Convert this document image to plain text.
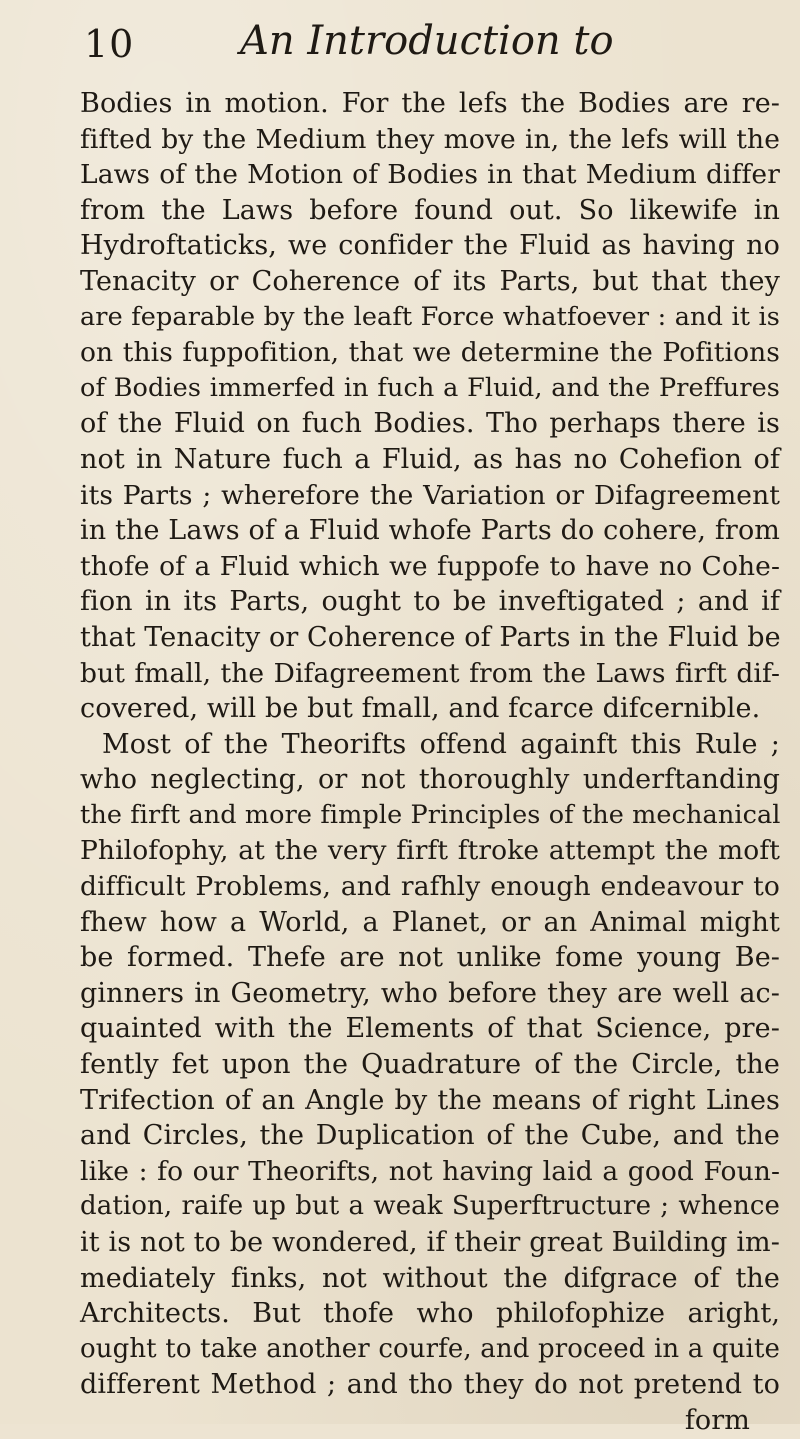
10	An Introduction to
Bodies in motion. For the lefs the Bodies are re-
fifted by the Medium they move in, the lefs will the
Laws of the Motion of Bodies in that Medium differ
from the Laws before found out. So likewife in
Hydroftaticks, we confider the Fluid as having no
Tenacity or Coherence of its Parts, but that they
are feparable by the leaft Force whatfoever : and it is
on this fuppofition, that we determine the Pofitions
of Bodies immerfed in fuch a Fluid, and the Preffures
of the Fluid on fuch Bodies. Tho perhaps there is
not in Nature fuch a Fluid, as has no Cohefion of
its Parts ; wherefore the Variation or Difagreement
in the Laws of a Fluid whofe Parts do cohere, from
thofe of a Fluid which we fuppofe to have no Cohe-
fion in its Parts, ought to be inveftigated ; and if
that Tenacity or Coherence of Parts in the Fluid be
but fmall, the Difagreement from the Laws firft dif-
covered, will be but fmall, and fcarce difcernible.
Most of the Theorifts offend againft this Rule ;
who neglecting, or not thoroughly underftanding
the firft and more fimple Principles of the mechanical
Philofophy, at the very firft ftroke attempt the moft
difficult Problems, and rafhly enough endeavour to
fhew how a World, a Planet, or an Animal might
be formed. Thefe are not unlike fome young Be-
ginners in Geometry, who before they are well ac-
quainted with the Elements of that Science, pre-
fently fet upon the Quadrature of the Circle, the
Trifection of an Angle by the means of right Lines
and Circles, the Duplication of the Cube, and the
like : fo our Theorifts, not having laid a good Foun-
dation, raife up but a weak Superftructure ; whence
it is not to be wondered, if their great Building im-
mediately finks, not without the difgrace of the
Architects. But thofe who philofophize aright,
ought to take another courfe, and proceed in a quite
different Method ; and tho they do not pretend to
form
